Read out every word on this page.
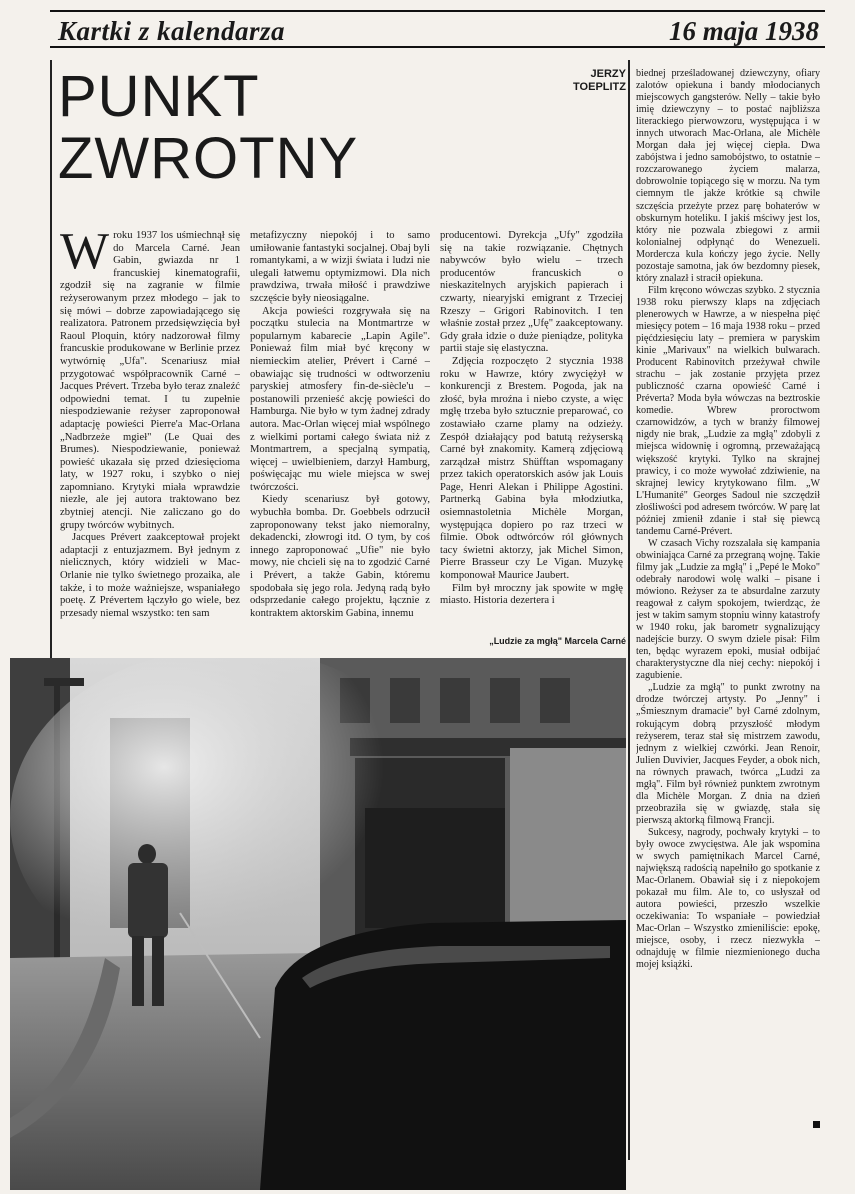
Kartki z kalendarza	16 maja 1938
PUNKT
ZWROTNY
JERZY
TOEPLITZ

Wroku 1937 los uśmiechnął się do Marcela Carné. Jean Gabin, gwiazda nr 1 francuskiej kinematografii, zgodził się na zagranie w filmie reżyserowanym przez młodego – jak to się mówi – dobrze zapowiadającego się realizatora. Patronem przedsięwzięcia był Raoul Ploquin, który nadzorował filmy francuskie produkowane w Berlinie przez wytwórnię „Ufa". Scenariusz miał przygotować współpracownik Carné – Jacques Prévert. Trzeba było teraz znaleźć odpowiedni temat. I tu zupełnie niespodziewanie reżyser zaproponował adaptację powieści Pierre'a Mac-Orlana „Nadbrzeże mgieł" (Le Quai des Brumes). Niespodziewanie, ponieważ powieść ukazała się przed dziesięcioma laty, w 1927 roku, i szybko o niej zapomniano. Krytyki miała wprawdzie niezłe, ale jej autora traktowano bez zbytniej atencji. Nie zaliczano go do grupy twórców wybitnych.

Jacques Prévert zaakceptował projekt adaptacji z entuzjazmem. Był jednym z nielicznych, który widzieli w Mac-Orlanie nie tylko świetnego prozaika, ale także, i to może ważniejsze, wspaniałego poetę. Z Prévertem łączyło go wiele, bez przesady niemal wszystko: ten sam

metafizyczny niepokój i to samo umiłowanie fantastyki socjalnej. Obaj byli romantykami, a w wizji świata i ludzi nie ulegali łatwemu optymizmowi. Dla nich prawdziwa, trwała miłość i prawdziwe szczęście były nieosiągalne.

Akcja powieści rozgrywała się na początku stulecia na Montmartrze w popularnym kabarecie „Lapin Agile". Ponieważ film miał być kręcony w niemieckim atelier, Prévert i Carné – obawiając się trudności w odtworzeniu paryskiej atmosfery fin-de-siècle'u – postanowili przenieść akcję powieści do Hamburga. Nie było w tym żadnej zdrady autora. Mac-Orlan więcej miał wspólnego z wielkimi portami całego świata niż z Montmartrem, a specjalną sympatią, więcej – uwielbieniem, darzył Hamburg, poświęcając mu wiele miejsca w swej twórczości.

Kiedy scenariusz był gotowy, wybuchła bomba. Dr. Goebbels odrzucił zaproponowany tekst jako niemoralny, dekadencki, złowrogi itd. O tym, by coś innego zaproponować „Ufie" nie było mowy, nie chcieli się na to zgodzić Carné i Prévert, a także Gabin, któremu spodobała się jego rola. Jedyną radą było odsprzedanie całego projektu, łącznie z kontraktem aktorskim Gabina, innemu

producentowi. Dyrekcja „Ufy" zgodziła się na takie rozwiązanie. Chętnych nabywców było wielu – trzech producentów francuskich o nieskazitelnych aryjskich papierach i czwarty, niearyjski emigrant z Trzeciej Rzeszy – Grigori Rabinovitch. I ten właśnie został przez „Ufę" zaakceptowany. Gdy grała idzie o duże pieniądze, polityka partii staje się elastyczna.

Zdjęcia rozpoczęto 2 stycznia 1938 roku w Hawrze, który zwyciężył w konkurencji z Brestem. Pogoda, jak na złość, była mroźna i niebo czyste, a więc mgłę trzeba było sztucznie preparować, co zostawiało czarne plamy na odzieży. Zespół działający pod batutą reżyserską Carné był znakomity. Kamerą zdjęciową zarządzał mistrz Shüfftan wspomagany przez takich operatorskich asów jak Louis Page, Henri Alekan i Philippe Agostini. Partnerką Gabina była młodziutka, osiemnastoletnia Michèle Morgan, występująca dopiero po raz trzeci w filmie. Obok odtwórców ról głównych tacy świetni aktorzy, jak Michel Simon, Pierre Brasseur czy Le Vigan. Muzykę komponował Maurice Jaubert.

Film był mroczny jak spowite w mgłę miasto. Historia dezertera i

„Ludzie za mgłą" Marcela Carné

biednej prześladowanej dziewczyny, ofiary zalotów opiekuna i bandy młodocianych miejscowych gangsterów. Nelly – takie było imię dziewczyny – to postać najbliższa literackiego pierwowzoru, występująca i w innych utworach Mac-Orlana, ale Michèle Morgan dała jej więcej ciepła. Dwa zabójstwa i jedno samobójstwo, to ostatnie – rozczarowanego życiem malarza, dobrowolnie topiącego się w morzu. Na tym ciemnym tle jakże krótkie są chwile szczęścia przeżyte przez parę bohaterów w obskurnym hoteliku. I jakiś mściwy jest los, który nie pozwala zbiegowi z armii kolonialnej odpłynąć do Wenezueli. Mordercza kula kończy jego życie. Nelly pozostaje samotna, jak ów bezdomny piesek, który znalazł i stracił opiekuna.

Film kręcono wówczas szybko. 2 stycznia 1938 roku pierwszy klaps na zdjęciach plenerowych w Hawrze, a w niespełna pięć miesięcy potem – 16 maja 1938 roku – przed pięćdziesięciu laty – premiera w paryskim kinie „Marivaux" na wielkich bulwarach. Producent Rabinovitch przeżywał chwile strachu – jak zostanie przyjęta przez publiczność czarna opowieść Carné i Préverta? Moda była wówczas na beztroskie komedie. Wbrew proroctwom czarnowidzów, a tych w branży filmowej nigdy nie brak, „Ludzie za mgłą" zdobyli z miejsca widownię i ogromną, przeważającą większość krytyki. Tylko na skrajnej prawicy, i co może wywołać zdziwienie, na skrajnej lewicy krytykowano film. „W L'Humanité" Georges Sadoul nie szczędził złośliwości pod adresem twórców. W parę lat później zmienił zdanie i stał się piewcą tandemu Carné-Prévert.

W czasach Vichy rozszalała się kampania obwiniająca Carné za przegraną wojnę. Takie filmy jak „Ludzie za mgłą" i „Pepé le Moko" odebrały narodowi wolę walki – pisane i mówiono. Reżyser za te absurdalne zarzuty reagował z całym spokojem, twierdząc, że jest w takim samym stopniu winny katastrofy w 1940 roku, jak barometr sygnalizujący nadejście burzy. O swym dziele pisał: Film ten, będąc wyrazem epoki, musiał odbijać charakterystyczne dla niej cechy: niepokój i zagubienie.

„Ludzie za mgłą" to punkt zwrotny na drodze twórczej artysty. Po „Jenny" i „Śmiesznym dramacie" był Carné zdolnym, rokującym dobrą przyszłość młodym reżyserem, teraz stał się mistrzem zawodu, jednym z wielkiej czwórki. Jean Renoir, Julien Duvivier, Jacques Feyder, a obok nich, na równych prawach, twórca „Ludzi za mgłą". Film był również punktem zwrotnym dla Michèle Morgan. Z dnia na dzień przeobraziła się w gwiazdę, stała się pierwszą aktorką filmową Francji.

Sukcesy, nagrody, pochwały krytyki – to były owoce zwycięstwa. Ale jak wspomina w swych pamiętnikach Marcel Carné, największą radością napełniło go spotkanie z Mac-Orlanem. Obawiał się i z niepokojem pokazał mu film. Ale to, co usłyszał od autora powieści, przeszło wszelkie oczekiwania: To wspaniałe – powiedział Mac-Orlan – Wszystko zmieniliście: epokę, miejsce, osoby, i rzecz niezwykła – odnajduję w filmie niezmienionego ducha mojej książki.
